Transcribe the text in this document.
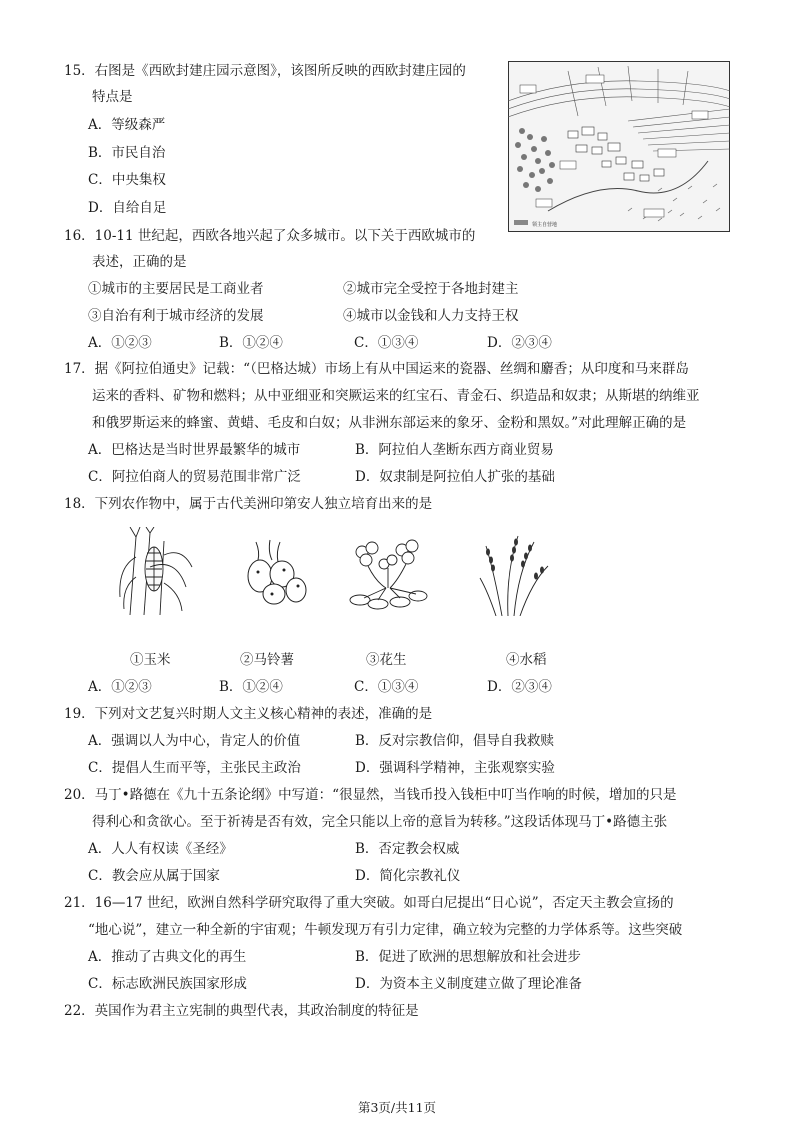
15．右图是《西欧封建庄园示意图》，该图所反映的西欧封建庄园的
特点是
A．等级森严
B．市民自治
C．中央集权
D．自给自足
领主自营地
16．10-11 世纪起，西欧各地兴起了众多城市。以下关于西欧城市的
表述，正确的是
①城市的主要居民是工商业者	②城市完全受控于各地封建主
③自治有利于城市经济的发展	④城市以金钱和人力支持王权
A．①②③	B．①②④	C．①③④	D．②③④
17．据《阿拉伯通史》记载：“（巴格达城）市场上有从中国运来的瓷器、丝绸和麝香；从印度和马来群岛
运来的香料、矿物和燃料；从中亚细亚和突厥运来的红宝石、青金石、织造品和奴隶；从斯堪的纳维亚
和俄罗斯运来的蜂蜜、黄蜡、毛皮和白奴；从非洲东部运来的象牙、金粉和黑奴。”对此理解正确的是
A．巴格达是当时世界最繁华的城市	B．阿拉伯人垄断东西方商业贸易
C．阿拉伯商人的贸易范围非常广泛	D．奴隶制是阿拉伯人扩张的基础
18．下列农作物中，属于古代美洲印第安人独立培育出来的是
①玉米	②马铃薯	③花生	④水稻
A．①②③	B．①②④	C．①③④	D．②③④
19．下列对文艺复兴时期人文主义核心精神的表述，准确的是
A．强调以人为中心，肯定人的价值	B．反对宗教信仰，倡导自我救赎
C．提倡人生而平等，主张民主政治	D．强调科学精神，主张观察实验
20．马丁•路德在《九十五条论纲》中写道：“很显然，当钱币投入钱柜中叮当作响的时候，增加的只是
得利心和贪欲心。至于祈祷是否有效，完全只能以上帝的意旨为转移。”这段话体现马丁•路德主张
A．人人有权读《圣经》	B．否定教会权威
C．教会应从属于国家	D．简化宗教礼仪
21．16—17 世纪，欧洲自然科学研究取得了重大突破。如哥白尼提出“日心说”，否定天主教会宣扬的
“地心说”，建立一种全新的宇宙观；牛顿发现万有引力定律，确立较为完整的力学体系等。这些突破
A．推动了古典文化的再生	B．促进了欧洲的思想解放和社会进步
C．标志欧洲民族国家形成	D．为资本主义制度建立做了理论准备
22．英国作为君主立宪制的典型代表，其政治制度的特征是
第3页/共11页
